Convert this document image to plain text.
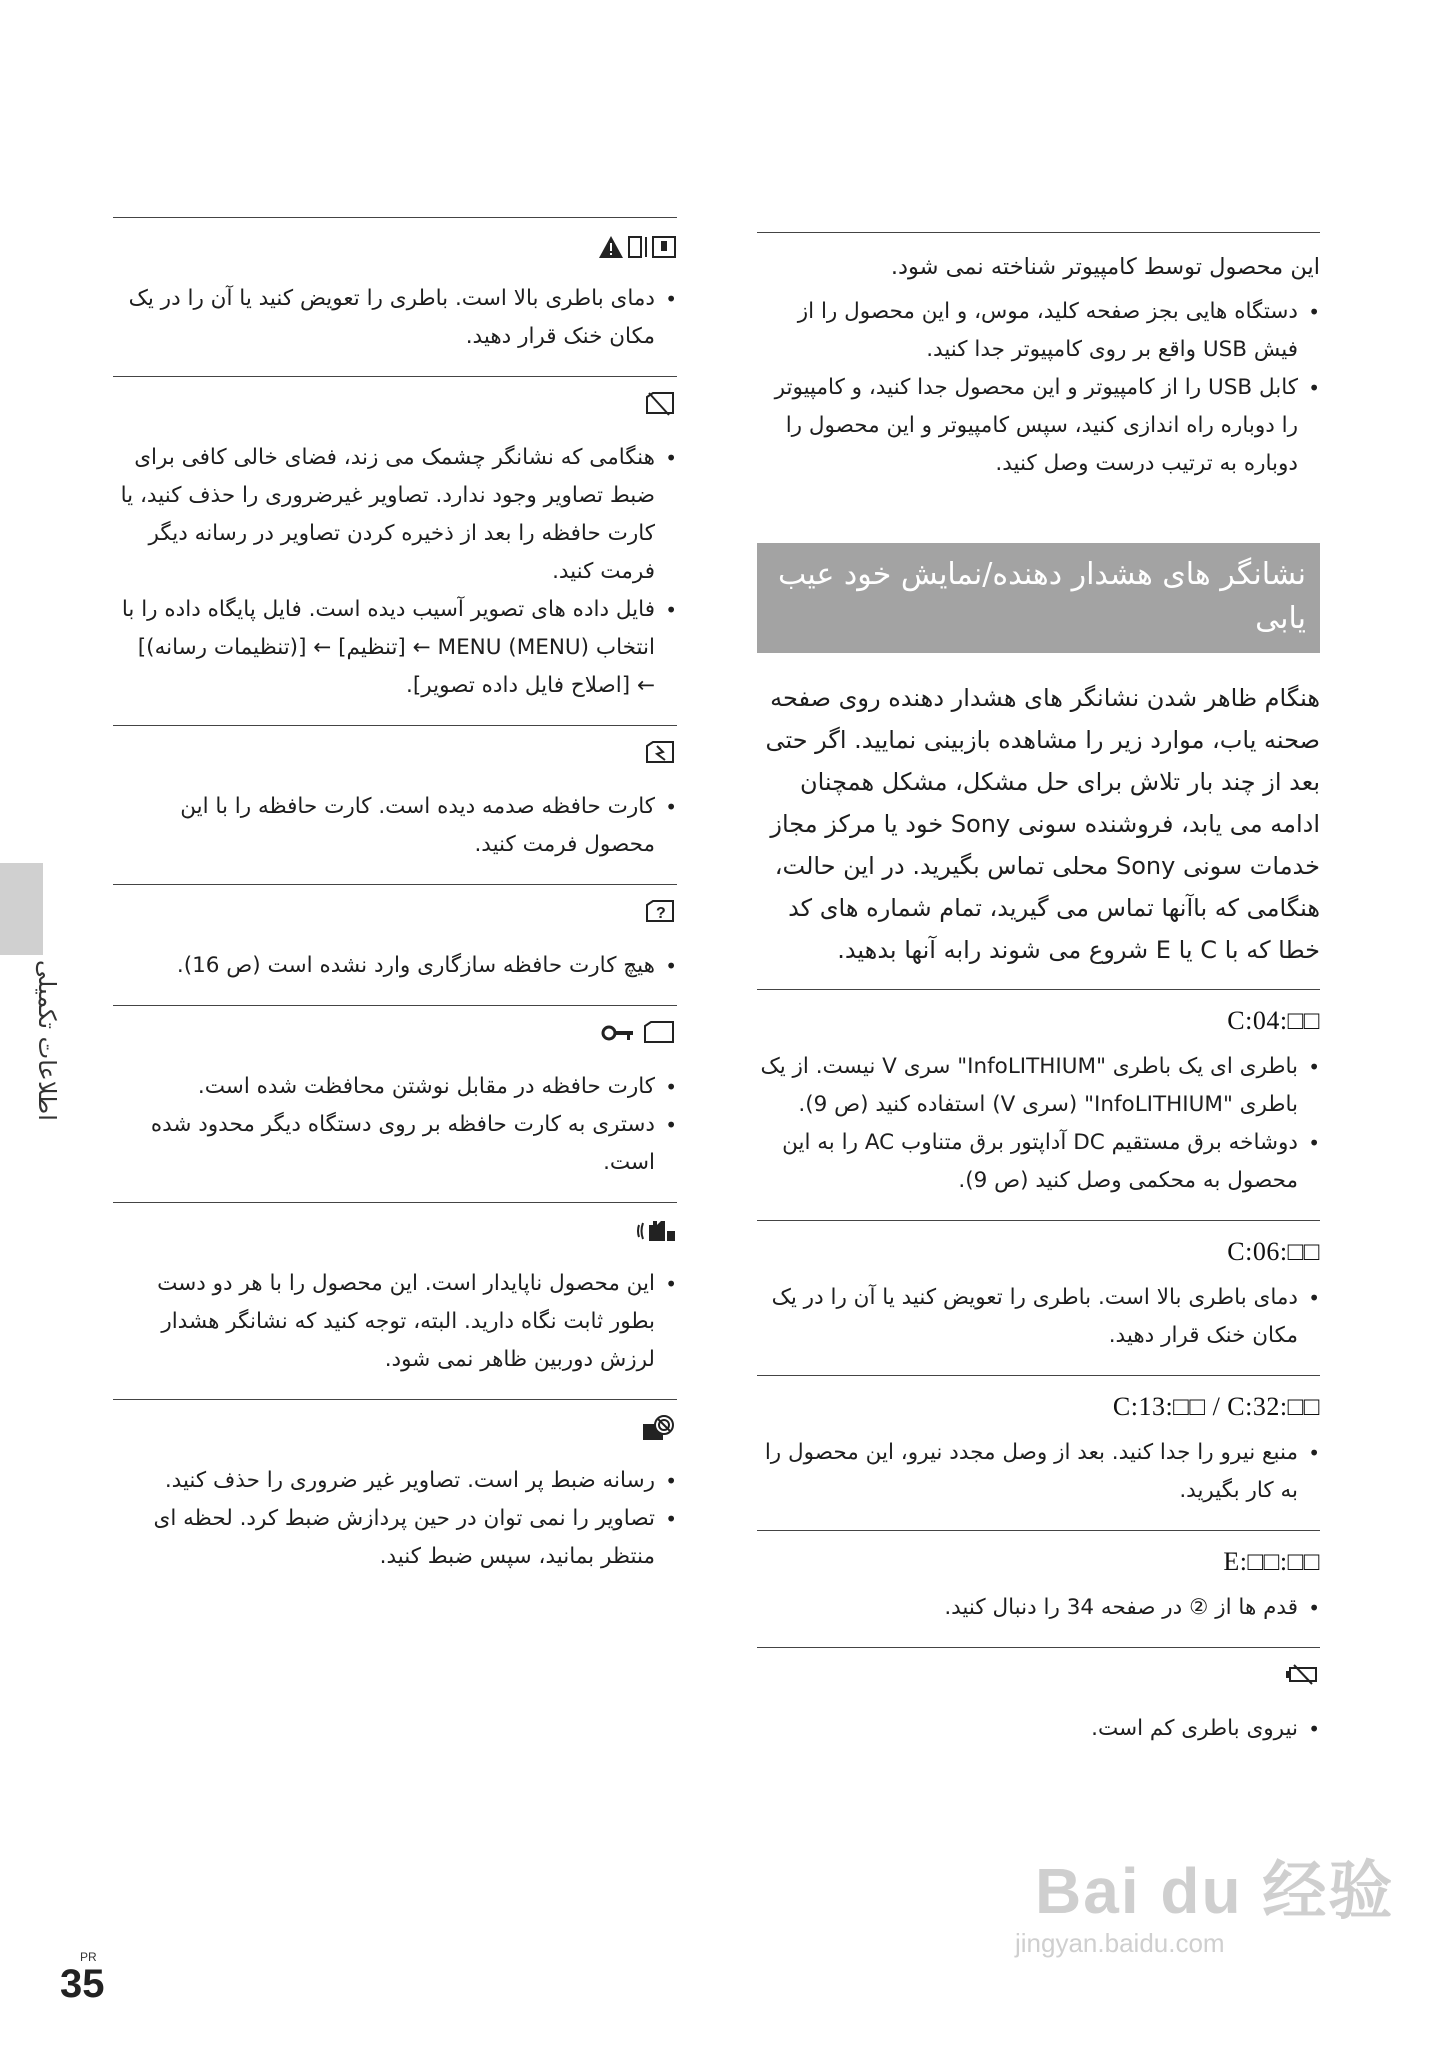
اطلاعات تکمیلی

این محصول توسط کامپیوتر شناخته نمی شود.

• دستگاه هایی بجز صفحه کلید، موس، و این محصول را از فیش USB واقع بر روی کامپیوتر جدا کنید.
• کابل USB را از کامپیوتر و این محصول جدا کنید، و کامپیوتر را دوباره راه اندازی کنید، سپس کامپیوتر و این محصول را دوباره به ترتیب درست وصل کنید.
نشانگر های هشدار دهنده/نمایش خود عیب یابی

هنگام ظاهر شدن نشانگر های هشدار دهنده روی صفحه صحنه یاب، موارد زیر را مشاهده بازبینی نمایید. اگر حتی بعد از چند بار تلاش برای حل مشکل، مشکل همچنان ادامه می یابد، فروشنده سونی Sony خود یا مرکز مجاز خدمات سونی Sony محلی تماس بگیرید. در این حالت، هنگامی که باآنها تماس می گیرید، تمام شماره های کد خطا که با C یا E شروع می شوند رابه آنها بدهید.

C:04:□□
• باطری ای یک باطری "InfoLITHIUM" سری V نیست. از یک باطری "InfoLITHIUM" (سری V) استفاده کنید (ص 9).
• دوشاخه برق مستقیم DC آداپتور برق متناوب AC را به این محصول به محکمی وصل کنید (ص 9).
C:06:□□
• دمای باطری بالا است. باطری را تعویض کنید یا آن را در یک مکان خنک قرار دهید.
C:13:□□ / C:32:□□
• منبع نیرو را جدا کنید. بعد از وصل مجدد نیرو، این محصول را به کار بگیرید.
E:□□:□□
• قدم ها از ② در صفحه 34 را دنبال کنید.
• نیروی باطری کم است.
• دمای باطری بالا است. باطری را تعویض کنید یا آن را در یک مکان خنک قرار دهید.
• هنگامی که نشانگر چشمک می زند، فضای خالی کافی برای ضبط تصاویر وجود ندارد. تصاویر غیرضروری را حذف کنید، یا کارت حافظه را بعد از ذخیره کردن تصاویر در رسانه دیگر فرمت کنید.
• فایل داده های تصویر آسیب دیده است. فایل پایگاه داده را با انتخاب MENU (MENU) ← [تنظیم] ← [(تنظیمات رسانه)] ← [اصلاح فایل داده تصویر].
• کارت حافظه صدمه دیده است. کارت حافظه را با این محصول فرمت کنید.
?
• هیچ کارت حافظه سازگاری وارد نشده است (ص 16).
• کارت حافظه در مقابل نوشتن محافظت شده است.
• دستری به کارت حافظه بر روی دستگاه دیگر محدود شده است.
• این محصول ناپایدار است. این محصول را با هر دو دست بطور ثابت نگاه دارید. البته، توجه کنید که نشانگر هشدار لرزش دوربین ظاهر نمی شود.
• رسانه ضبط پر است. تصاویر غیر ضروری را حذف کنید.
• تصاویر را نمی توان در حین پردازش ضبط کرد. لحظه ای منتظر بمانید، سپس ضبط کنید.
PR
35
Bai du 经验
jingyan.baidu.com
